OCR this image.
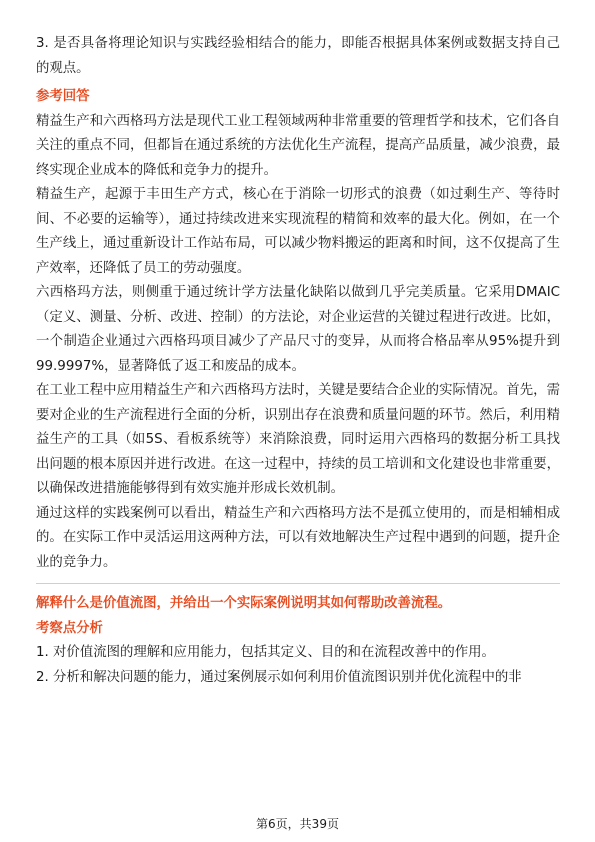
3. 是否具备将理论知识与实践经验相结合的能力，即能否根据具体案例或数据支持自己的观点。

参考回答

精益生产和六西格玛方法是现代工业工程领域两种非常重要的管理哲学和技术，它们各自关注的重点不同，但都旨在通过系统的方法优化生产流程，提高产品质量，减少浪费，最终实现企业成本的降低和竞争力的提升。

精益生产，起源于丰田生产方式，核心在于消除一切形式的浪费（如过剩生产、等待时间、不必要的运输等），通过持续改进来实现流程的精简和效率的最大化。例如，在一个生产线上，通过重新设计工作站布局，可以减少物料搬运的距离和时间，这不仅提高了生产效率，还降低了员工的劳动强度。

六西格玛方法，则侧重于通过统计学方法量化缺陷以做到几乎完美质量。它采用DMAIC（定义、测量、分析、改进、控制）的方法论，对企业运营的关键过程进行改进。比如，一个制造企业通过六西格玛项目减少了产品尺寸的变异，从而将合格品率从95%提升到99.9997%，显著降低了返工和废品的成本。

在工业工程中应用精益生产和六西格玛方法时，关键是要结合企业的实际情况。首先，需要对企业的生产流程进行全面的分析，识别出存在浪费和质量问题的环节。然后，利用精益生产的工具（如5S、看板系统等）来消除浪费，同时运用六西格玛的数据分析工具找出问题的根本原因并进行改进。在这一过程中，持续的员工培训和文化建设也非常重要，以确保改进措施能够得到有效实施并形成长效机制。

通过这样的实践案例可以看出，精益生产和六西格玛方法不是孤立使用的，而是相辅相成的。在实际工作中灵活运用这两种方法，可以有效地解决生产过程中遇到的问题，提升企业的竞争力。

解释什么是价值流图，并给出一个实际案例说明其如何帮助改善流程。

考察点分析

1. 对价值流图的理解和应用能力，包括其定义、目的和在流程改善中的作用。

2. 分析和解决问题的能力，通过案例展示如何利用价值流图识别并优化流程中的非

第6页，共39页
